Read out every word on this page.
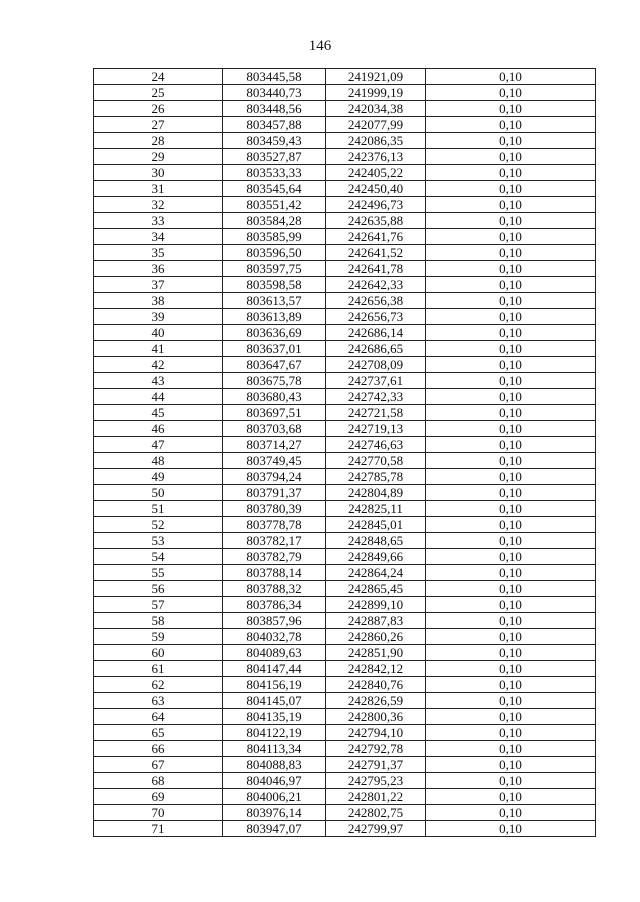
146
24	803445,58	241921,09	0,10
25	803440,73	241999,19	0,10
26	803448,56	242034,38	0,10
27	803457,88	242077,99	0,10
28	803459,43	242086,35	0,10
29	803527,87	242376,13	0,10
30	803533,33	242405,22	0,10
31	803545,64	242450,40	0,10
32	803551,42	242496,73	0,10
33	803584,28	242635,88	0,10
34	803585,99	242641,76	0,10
35	803596,50	242641,52	0,10
36	803597,75	242641,78	0,10
37	803598,58	242642,33	0,10
38	803613,57	242656,38	0,10
39	803613,89	242656,73	0,10
40	803636,69	242686,14	0,10
41	803637,01	242686,65	0,10
42	803647,67	242708,09	0,10
43	803675,78	242737,61	0,10
44	803680,43	242742,33	0,10
45	803697,51	242721,58	0,10
46	803703,68	242719,13	0,10
47	803714,27	242746,63	0,10
48	803749,45	242770,58	0,10
49	803794,24	242785,78	0,10
50	803791,37	242804,89	0,10
51	803780,39	242825,11	0,10
52	803778,78	242845,01	0,10
53	803782,17	242848,65	0,10
54	803782,79	242849,66	0,10
55	803788,14	242864,24	0,10
56	803788,32	242865,45	0,10
57	803786,34	242899,10	0,10
58	803857,96	242887,83	0,10
59	804032,78	242860,26	0,10
60	804089,63	242851,90	0,10
61	804147,44	242842,12	0,10
62	804156,19	242840,76	0,10
63	804145,07	242826,59	0,10
64	804135,19	242800,36	0,10
65	804122,19	242794,10	0,10
66	804113,34	242792,78	0,10
67	804088,83	242791,37	0,10
68	804046,97	242795,23	0,10
69	804006,21	242801,22	0,10
70	803976,14	242802,75	0,10
71	803947,07	242799,97	0,10
